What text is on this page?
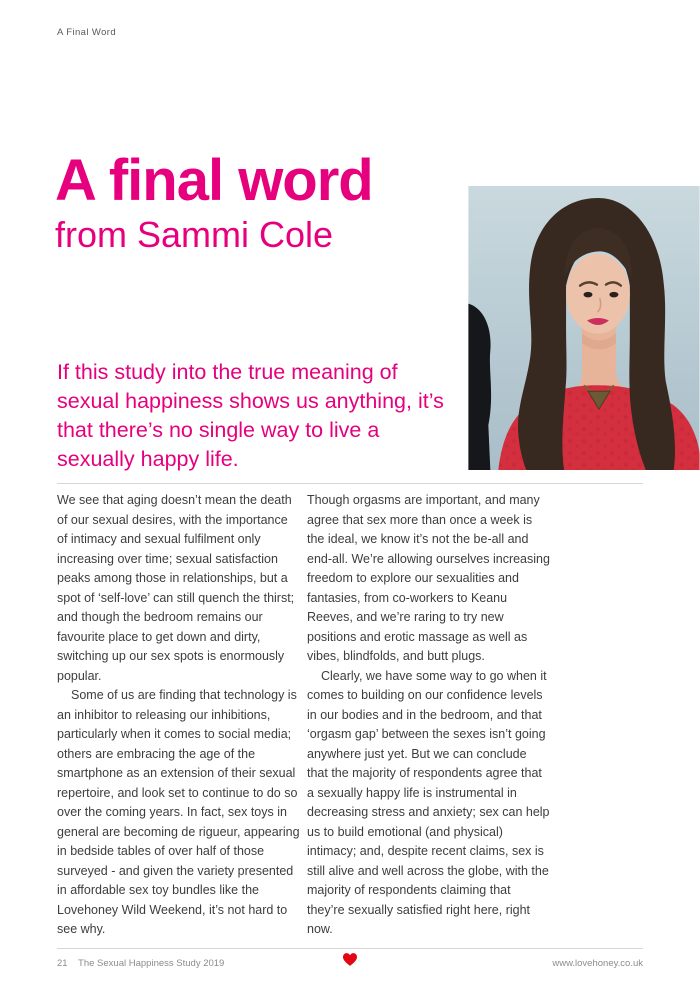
A Final Word
A final word
from Sammi Cole
If this study into the true meaning of sexual happiness shows us anything, it’s that there’s no single way to live a sexually happy life.

We see that aging doesn’t mean the death of our sexual desires, with the importance of intimacy and sexual fulfilment only increasing over time; sexual satisfaction peaks among those in relationships, but a spot of ‘self-love’ can still quench the thirst; and though the bedroom remains our favourite place to get down and dirty, switching up our sex spots is enormously popular.

Some of us are finding that technology is an inhibitor to releasing our inhibitions, particularly when it comes to social media; others are embracing the age of the smartphone as an extension of their sexual repertoire, and look set to continue to do so over the coming years. In fact, sex toys in general are becoming de rigueur, appearing in bedside tables of over half of those surveyed - and given the variety presented in affordable sex toy bundles like the Lovehoney Wild Weekend, it’s not hard to see why.

Though orgasms are important, and many agree that sex more than once a week is the ideal, we know it’s not the be-all and end-all. We’re allowing ourselves increasing freedom to explore our sexualities and fantasies, from co-workers to Keanu Reeves, and we’re raring to try new positions and erotic massage as well as vibes, blindfolds, and butt plugs.

Clearly, we have some way to go when it comes to building on our confidence levels in our bodies and in the bedroom, and that ‘orgasm gap’ between the sexes isn’t going anywhere just yet. But we can conclude that the majority of respondents agree that a sexually happy life is instrumental in decreasing stress and anxiety; sex can help us to build emotional (and physical) intimacy; and, despite recent claims, sex is still alive and well across the globe, with the majority of respondents claiming that they’re sexually satisfied right here, right now.

21 The Sexual Happiness Study 2019	www.lovehoney.co.uk
